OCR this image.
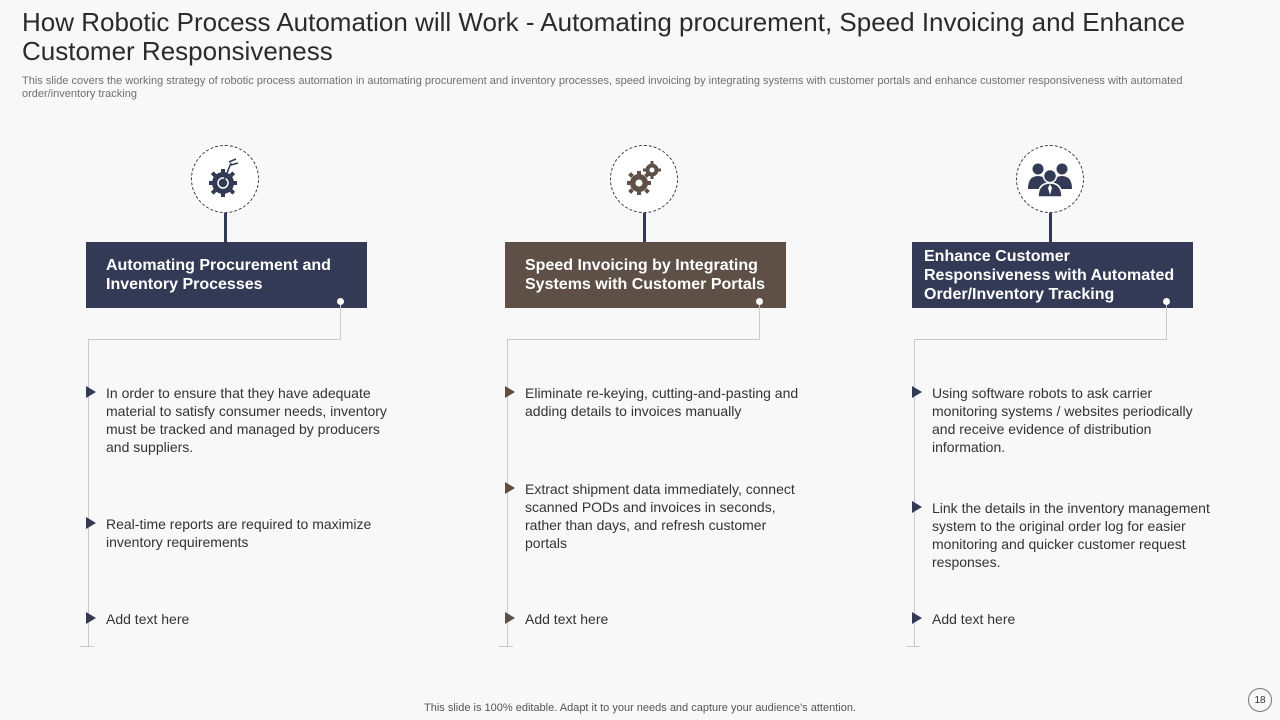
How Robotic Process Automation will Work - Automating procurement, Speed Invoicing and Enhance Customer Responsiveness
This slide covers the working strategy of robotic process automation in automating procurement and inventory processes, speed invoicing by integrating systems with customer portals and enhance customer responsiveness with automated order/inventory tracking
Automating Procurement and Inventory Processes
In order to ensure that they have adequate material to satisfy consumer needs, inventory must be tracked and managed by producers and suppliers.
Real-time reports are required to maximize inventory requirements
Add text here
Speed Invoicing by Integrating Systems with Customer Portals
Eliminate re-keying, cutting-and-pasting and adding details to invoices manually
Extract shipment data immediately, connect scanned PODs and invoices in seconds, rather than days, and refresh customer portals
Add text here
Enhance Customer Responsiveness with Automated Order/Inventory Tracking
Using software robots to ask carrier monitoring systems / websites periodically and receive evidence of distribution information.
Link the details in the inventory management system to the original order log for easier monitoring and quicker customer request responses.
Add text here
This slide is 100% editable. Adapt it to your needs and capture your audience's attention.
18
